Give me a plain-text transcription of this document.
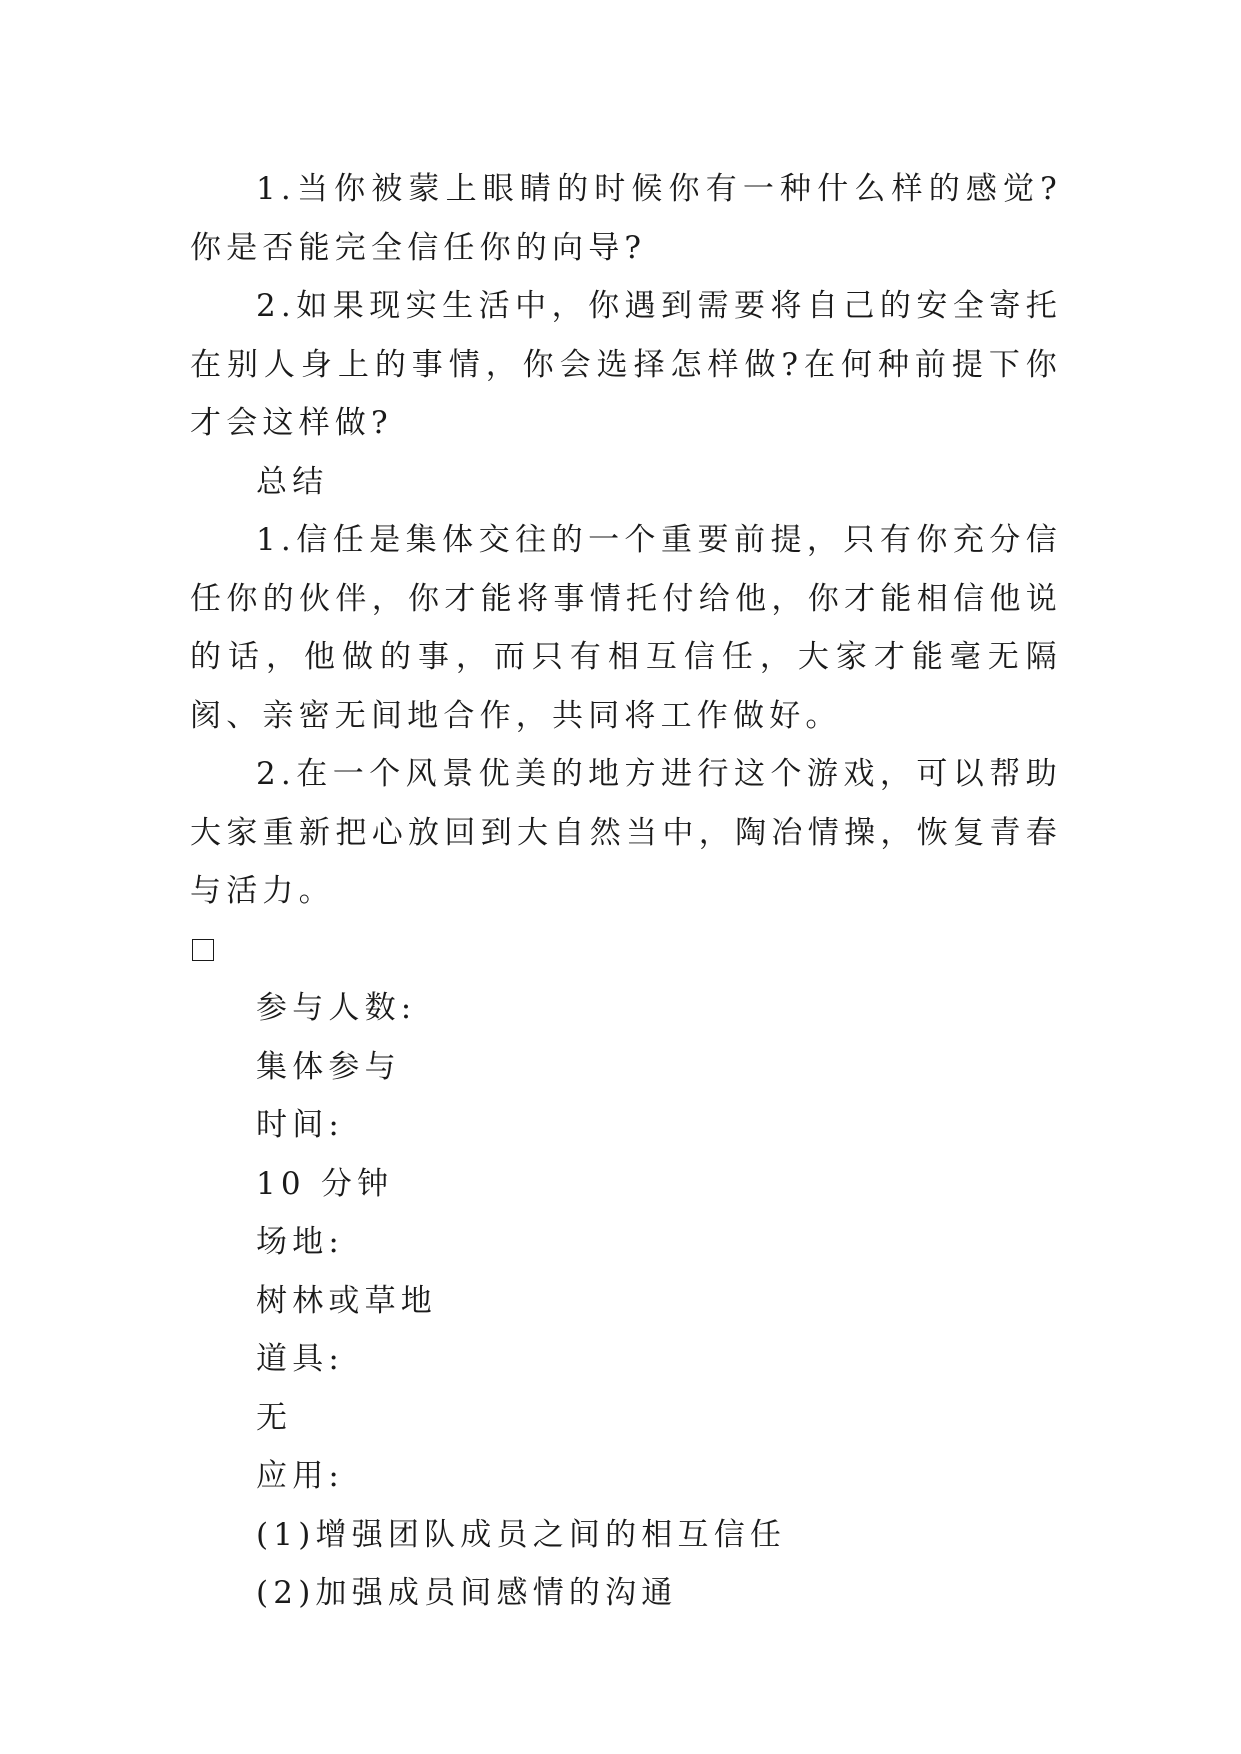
1.当你被蒙上眼睛的时候你有一种什么样的感觉?你是否能完全信任你的向导?

2.如果现实生活中，你遇到需要将自己的安全寄托在别人身上的事情，你会选择怎样做?在何种前提下你才会这样做?

总结

1.信任是集体交往的一个重要前提，只有你充分信任你的伙伴，你才能将事情托付给他，你才能相信他说的话，他做的事，而只有相互信任，大家才能毫无隔阂、亲密无间地合作，共同将工作做好。

2.在一个风景优美的地方进行这个游戏，可以帮助大家重新把心放回到大自然当中，陶冶情操，恢复青春与活力。

参与人数:

集体参与

时间:

10 分钟

场地:

树林或草地

道具:

无

应用:

(1)增强团队成员之间的相互信任

(2)加强成员间感情的沟通
